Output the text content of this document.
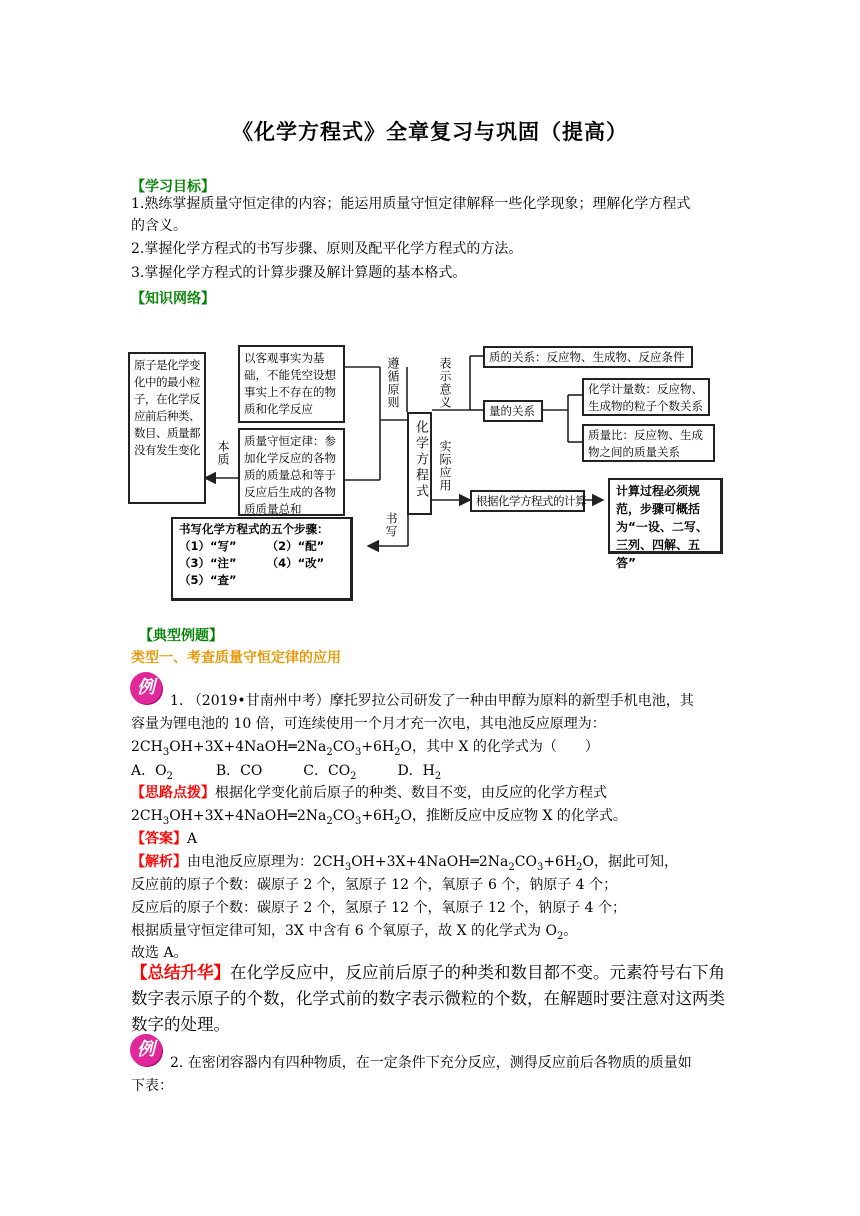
《化学方程式》全章复习与巩固（提高）
【学习目标】
1.熟练掌握质量守恒定律的内容；能运用质量守恒定律解释一些化学现象；理解化学方程式
的含义。
2.掌握化学方程式的书写步骤、原则及配平化学方程式的方法。
3.掌握化学方程式的计算步骤及解计算题的基本格式。
【知识网络】
原子是化学变化中的最小粒子，在化学反应前后种类、数目、质量都没有发生变化
以客观事实为基础，不能凭空设想事实上不存在的物质和化学反应
质量守恒定律：参加化学反应的各物质的质量总和等于反应后生成的各物质质量总和
本质
遵循原则	表示意义
实际应用
书写
化学方程式
质的关系：反应物、生成物、反应条件
量的关系
化学计量数：反应物、生成物的粒子个数关系
质量比：反应物、生成物之间的质量关系
根据化学方程式的计算
计算过程必须规范，步骤可概括为“一设、二写、三列、四解、五答”
书写化学方程式的五个步骤：
（1）“写”	（2）“配”
（3）“注”	（4）“改”
（5）“查”
【典型例题】
类型一、考查质量守恒定律的应用
例
1. （2019•甘南州中考）摩托罗拉公司研发了一种由甲醇为原料的新型手机电池，其
容量为锂电池的 10 倍，可连续使用一个月才充一次电，其电池反应原理为：
$2CH_3OH+3X+4NaOH═2Na_2CO_3+6H_2O$，其中 X 的化学式为（　　）
A．$O_2$	B．CO	C．$CO_2$	D．$H_2$
【思路点拨】根据化学变化前后原子的种类、数目不变，由反应的化学方程式
$2CH_3OH+3X+4NaOH═2Na_2CO_3+6H_2O$，推断反应中反应物 X 的化学式。
【答案】A
【解析】由电池反应原理为：$2CH_3OH+3X+4NaOH═2Na_2CO_3+6H_2O$，据此可知，
反应前的原子个数：碳原子 2 个，氢原子 12 个，氧原子 6 个，钠原子 4 个；
反应后的原子个数：碳原子 2 个，氢原子 12 个，氧原子 12 个，钠原子 4 个；
根据质量守恒定律可知，3X 中含有 6 个氧原子，故 X 的化学式为 $O_2$。
故选 A。
【总结升华】在化学反应中，反应前后原子的种类和数目都不变。元素符号右下角数字表示原子的个数，化学式前的数字表示微粒的个数，在解题时要注意对这两类数字的处理。
例
2. 在密闭容器内有四种物质，在一定条件下充分反应，测得反应前后各物质的质量如
下表：
